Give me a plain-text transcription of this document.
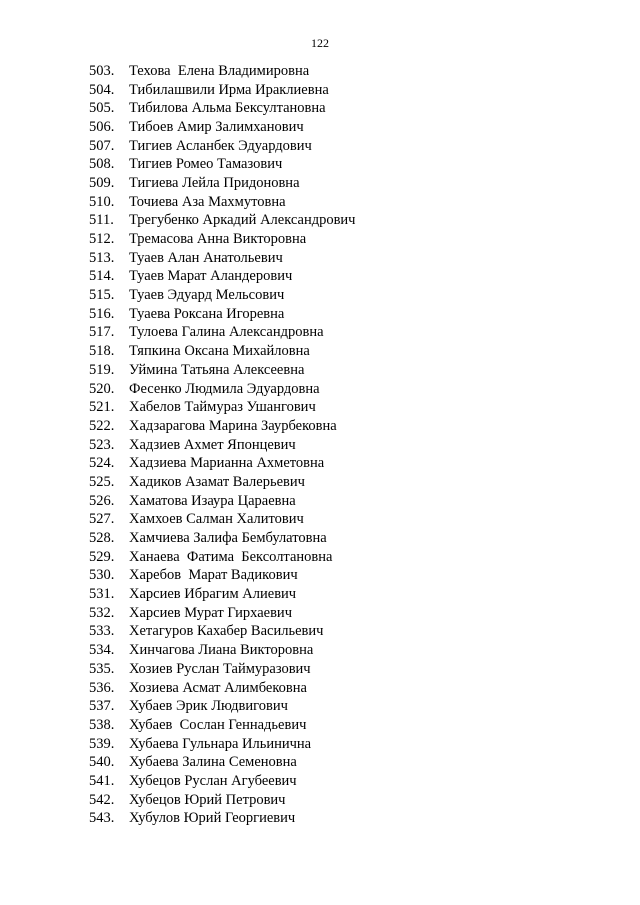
122
503.	Техова  Елена Владимировна
504.	Тибилашвили Ирма Ираклиевна
505.	Тибилова Альма Бексултановна
506.	Тибоев Амир Залимханович
507.	Тигиев Асланбек Эдуардович
508.	Тигиев Ромео Тамазович
509.	Тигиева Лейла Придоновна
510.	Точиева Аза Махмутовна
511.	Трегубенко Аркадий Александрович
512.	Тремасова Анна Викторовна
513.	Туаев Алан Анатольевич
514.	Туаев Марат Аландерович
515.	Туаев Эдуард Мельсович
516.	Туаева Роксана Игоревна
517.	Тулоева Галина Александровна
518.	Тяпкина Оксана Михайловна
519.	Уймина Татьяна Алексеевна
520.	Фесенко Людмила Эдуардовна
521.	Хабелов Таймураз Ушангович
522.	Хадзарагова Марина Заурбековна
523.	Хадзиев Ахмет Японцевич
524.	Хадзиева Марианна Ахметовна
525.	Хадиков Азамат Валерьевич
526.	Хаматова Изаура Цараевна
527.	Хамхоев Салман Халитович
528.	Хамчиева Залифа Бембулатовна
529.	Ханаева  Фатима  Бексолтановна
530.	Харебов  Марат Вадикович
531.	Харсиев Ибрагим Алиевич
532.	Харсиев Мурат Гирхаевич
533.	Хетагуров Кахабер Васильевич
534.	Хинчагова Лиана Викторовна
535.	Хозиев Руслан Таймуразович
536.	Хозиева Асмат Алимбековна
537.	Хубаев Эрик Людвигович
538.	Хубаев  Сослан Геннадьевич
539.	Хубаева Гульнара Ильинична
540.	Хубаева Залина Семеновна
541.	Хубецов Руслан Агубеевич
542.	Хубецов Юрий Петрович
543.	Хубулов Юрий Георгиевич
